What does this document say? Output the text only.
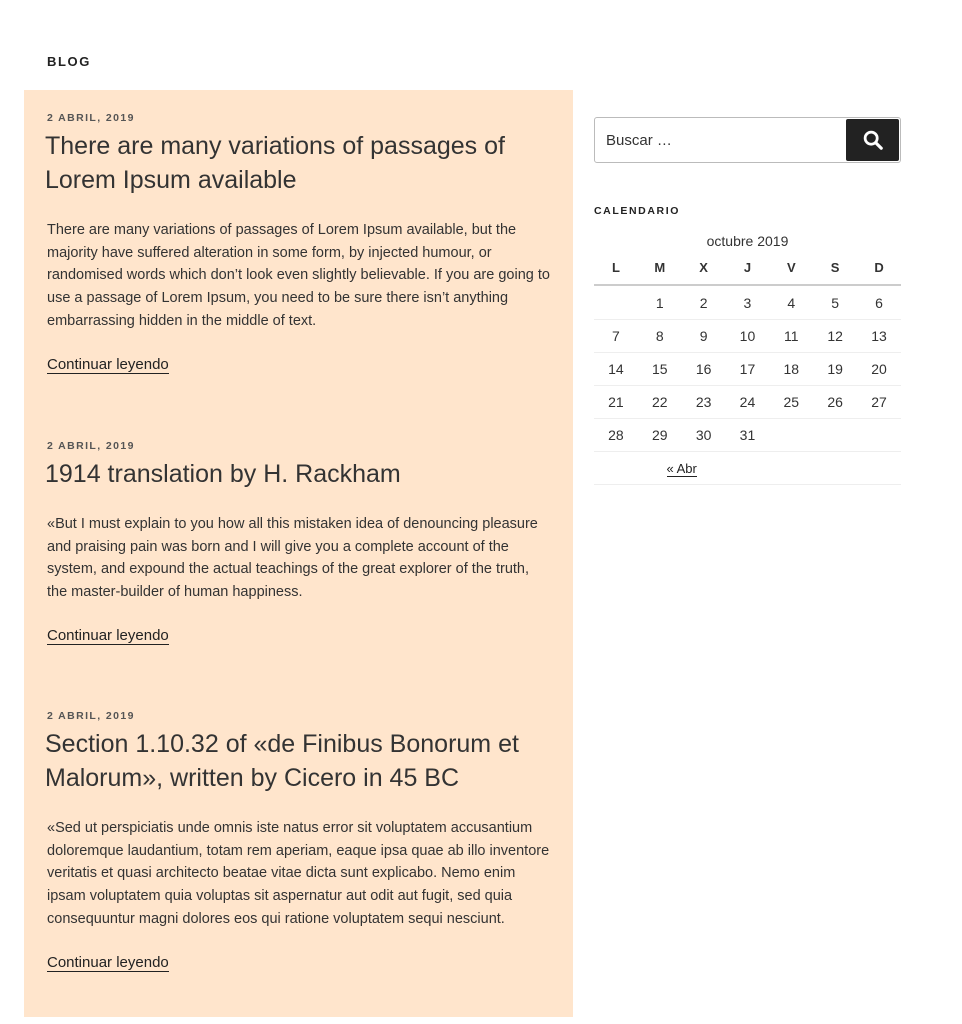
BLOG

2 ABRIL, 2019

There are many variations of passages of Lorem Ipsum available

There are many variations of passages of Lorem Ipsum available, but the majority have suffered alteration in some form, by injected humour, or randomised words which don’t look even slightly believable. If you are going to use a passage of Lorem Ipsum, you need to be sure there isn’t anything embarrassing hidden in the middle of text.

Continuar leyendo

2 ABRIL, 2019

1914 translation by H. Rackham

«But I must explain to you how all this mistaken idea of denouncing pleasure and praising pain was born and I will give you a complete account of the system, and expound the actual teachings of the great explorer of the truth, the master-builder of human happiness.

Continuar leyendo

2 ABRIL, 2019

Section 1.10.32 of «de Finibus Bonorum et Malorum», written by Cicero in 45 BC

«Sed ut perspiciatis unde omnis iste natus error sit voluptatem accusantium doloremque laudantium, totam rem aperiam, eaque ipsa quae ab illo inventore veritatis et quasi architecto beatae vitae dicta sunt explicabo. Nemo enim ipsam voluptatem quia voluptas sit aspernatur aut odit aut fugit, sed quia consequuntur magni dolores eos qui ratione voluptatem sequi nesciunt.

Continuar leyendo
Buscar …
CALENDARIO
octubre 2019
L	M	X	J	V	S	D
	1	2	3	4	5	6
7	8	9	10	11	12	13
14	15	16	17	18	19	20
21	22	23	24	25	26	27
28	29	30	31			
	« Abr					
